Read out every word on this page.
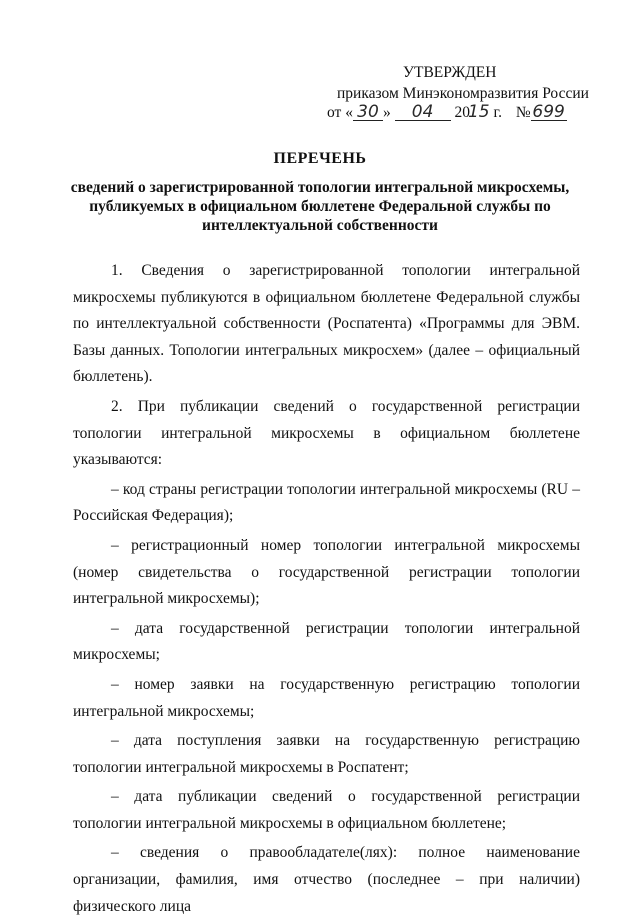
УТВЕРЖДЕН
приказом Минэкономразвития России
от « 30 » 04 2015 г. № 699
ПЕРЕЧЕНЬ
сведений о зарегистрированной топологии интегральной микросхемы, публикуемых в официальном бюллетене Федеральной службы по интеллектуальной собственности

1. Сведения о зарегистрированной топологии интегральной микросхемы публикуются в официальном бюллетене Федеральной службы по интеллектуальной собственности (Роспатента) «Программы для ЭВМ. Базы данных. Топологии интегральных микросхем» (далее – официальный бюллетень).

2. При публикации сведений о государственной регистрации топологии интегральной микросхемы в официальном бюллетене указываются:

– код страны регистрации топологии интегральной микросхемы (RU – Российская Федерация);

– регистрационный номер топологии интегральной микросхемы (номер свидетельства о государственной регистрации топологии интегральной микросхемы);

– дата государственной регистрации топологии интегральной микросхемы;

– номер заявки на государственную регистрацию топологии интегральной микросхемы;

– дата поступления заявки на государственную регистрацию топологии интегральной микросхемы в Роспатент;

– дата публикации сведений о государственной регистрации топологии интегральной микросхемы в официальном бюллетене;

– сведения о правообладателе(лях): полное наименование организации, фамилия, имя отчество (последнее – при наличии) физического лица
